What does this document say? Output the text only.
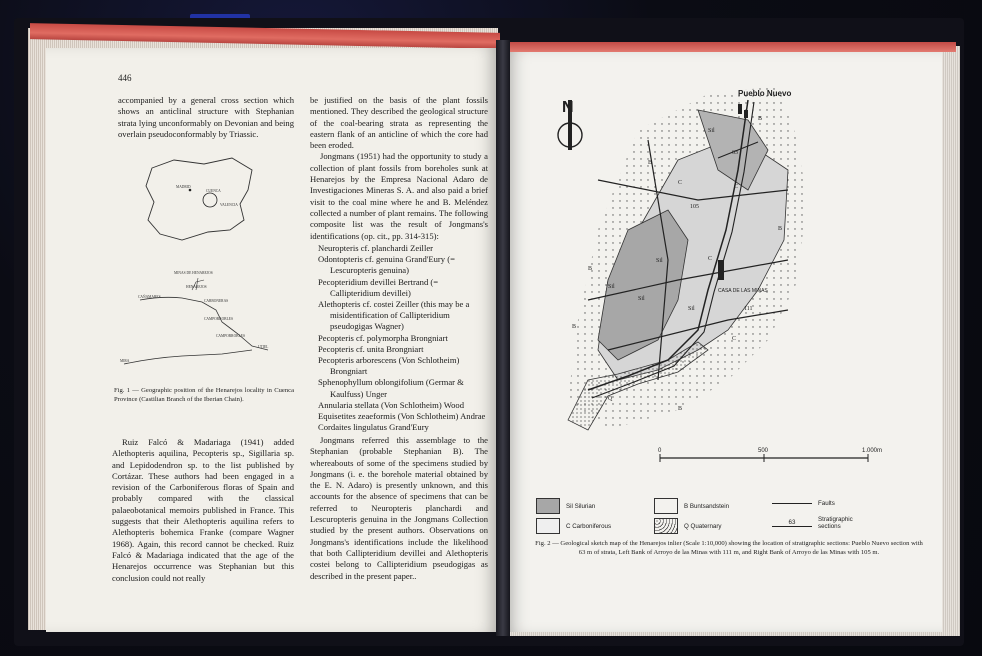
446

accompanied by a general cross section which shows an anticlinal structure with Stephanian strata lying unconformably on Devonian and being overlain pseudoconformably by Triassic.

be justified on the basis of the plant fossils mentioned. They described the geological structure of the coal-bearing strata as representing the eastern flank of an anticline of which the core had been eroded.

Jongmans (1951) had the opportunity to study a collection of plant fossils from boreholes sunk at Henarejos by the Empresa Nacional Adaro de Investigaciones Mineras S. A. and also paid a brief visit to the coal mine where he and B. Meléndez collected a number of plant remains. The following composite list was the result of Jongmans's identifications (op. cit., pp. 314-315):

Neuropteris cf. planchardi Zeiller
Odontopteris cf. genuina Grand'Eury (= Lescuropteris genuina)
Pecopteridium devillei Bertrand (= Callipteridium devillei)
Alethopteris cf. costei Zeiller (this may be a misidentification of Callipteridium pseudogigas Wagner)
Pecopteris cf. polymorpha Brongniart
Pecopteris cf. unita Brongniart
Pecopteris arborescens (Von Schlotheim) Brongniart
Sphenophyllum oblongifolium (Germar & Kaulfuss) Unger
Annularia stellata (Von Schlotheim) Wood
Equisetites zeaeformis (Von Schlotheim) Andrae
Cordaites lingulatus Grand'Eury

Jongmans referred this assemblage to the Stephanian (probable Stephanian B). The whereabouts of some of the specimens studied by Jongmans (i. e. the borehole material obtained by the E. N. Adaro) is presently unknown, and this accounts for the absence of specimens that can be referred to Neuropteris planchardi and Lescuropteris genuina in the Jongmans Collection studied by the present authors. Observations on Jongmans's identifications include the likelihood that both Callipteridium devillei and Alethopteris costei belong to Callipteridium pseudogigas as described in the present paper..

Ruiz Falcó & Madariaga (1941) added Alethopteris aquilina, Pecopteris sp., Sigillaria sp. and Lepidodendron sp. to the list published by Cortázar. These authors had been engaged in a revision of the Carboniferous floras of Spain and probably compared with the classical palaeobotanical memoirs published in France. This suggests that their Alethopteris aquilina refers to Alethopteris bohemica Franke (compare Wagner 1968). Again, this record cannot be checked. Ruiz Falcó & Madariaga indicated that the age of the Henarejos occurrence was Stephanian but this conclusion could not really

MADRID
CUENCA
VALENCIA
MINAS DE HENAREJOS
HENAREJOS
CARBONERAS
CAÑAMARES
CAMPORROBLES
CAMPORROBLES
UTIEL
MIRA
Fig. 1 — Geographic position of the Henarejos locality in Cuenca Province (Castilian Branch of the Iberian Chain).
N
63
105
111
CASA DE LAS MINAS
Pueblo Nuevo
Sil
Sil
Sil
Sil
Sil
C
C
C
C
B
B
B
B
B
B
Q
0	500	1.000m
Sil Silurian
C Carboniferous
B Buntsandstein
Q Quaternary
Faults
63	Stratigraphic sections
Fig. 2 — Geological sketch map of the Henarejos inlier (Scale 1:10,000) showing the location of stratigraphic sections: Pueblo Nuevo section with 63 m of strata, Left Bank of Arroyo de las Minas with 111 m, and Right Bank of Arroyo de las Minas with 105 m.
